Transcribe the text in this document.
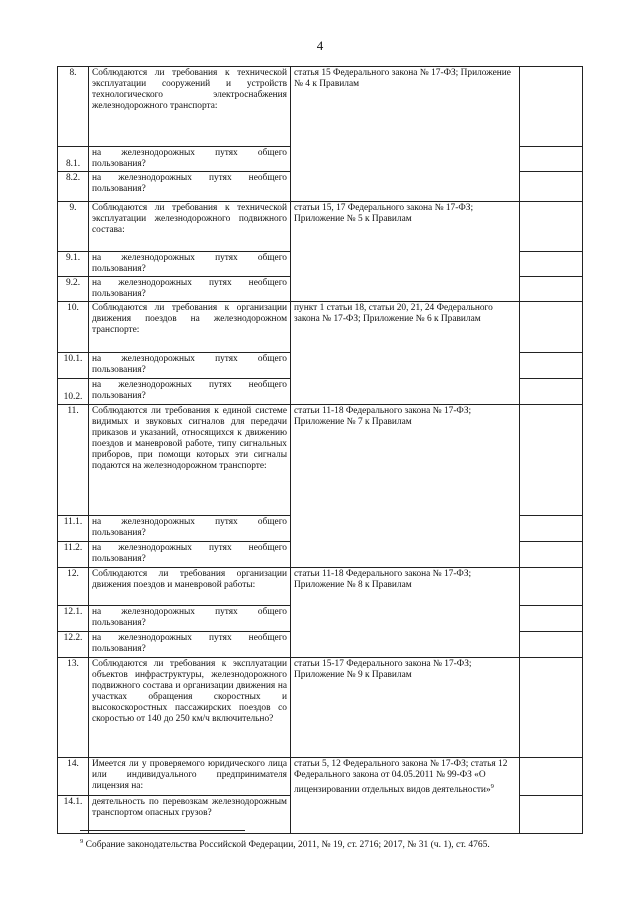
4
8.	Соблюдаются ли требования к технической эксплуатации сооружений и устройств технологического электроснабжения железнодорожного транспорта:	статья 15 Федерального закона № 17-ФЗ; Приложение № 4 к Правилам	
8.1.	на железнодорожных путях общего пользования?		
8.2.	на железнодорожных путях необщего пользования?		
9.	Соблюдаются ли требования к технической эксплуатации железнодорожного подвижного состава:	статьи 15, 17 Федерального закона № 17-ФЗ; Приложение № 5 к Правилам	
9.1.	на железнодорожных путях общего пользования?		
9.2.	на железнодорожных путях необщего пользования?		
10.	Соблюдаются ли требования к организации движения поездов на железнодорожном транспорте:	пункт 1 статьи 18, статьи 20, 21, 24 Федерального закона № 17-ФЗ; Приложение № 6 к Правилам	
10.1.	на железнодорожных путях общего пользования?		
10.2.	на железнодорожных путях необщего пользования?		
11.	Соблюдаются ли требования к единой системе видимых и звуковых сигналов для передачи приказов и указаний, относящихся к движению поездов и маневровой работе, типу сигнальных приборов, при помощи которых эти сигналы подаются на железнодорожном транспорте:	статьи 11-18 Федерального закона № 17-ФЗ; Приложение № 7 к Правилам	
11.1.	на железнодорожных путях общего пользования?		
11.2.	на железнодорожных путях необщего пользования?		
12.	Соблюдаются ли требования организации движения поездов и маневровой работы:	статьи 11-18 Федерального закона № 17-ФЗ; Приложение № 8 к Правилам	
12.1.	на железнодорожных путях общего пользования?		
12.2.	на железнодорожных путях необщего пользования?		
13.	Соблюдаются ли требования к эксплуатации объектов инфраструктуры, железнодорожного подвижного состава и организации движения на участках обращения скоростных и высокоскоростных пассажирских поездов со скоростью от 140 до 250 км/ч включительно?	статьи 15-17 Федерального закона № 17-ФЗ; Приложение № 9 к Правилам	
14.	Имеется ли у проверяемого юридического лица или индивидуального предпринимателя лицензия на:	статьи 5, 12 Федерального закона № 17-ФЗ; статья 12 Федерального закона от 04.05.2011 № 99-ФЗ «О лицензировании отдельных видов деятельности»$^9$	
14.1.	деятельность по перевозкам железнодорожным транспортом опасных грузов?		
$^9$ Собрание законодательства Российской Федерации, 2011, № 19, ст. 2716; 2017, № 31 (ч. 1), ст. 4765.
